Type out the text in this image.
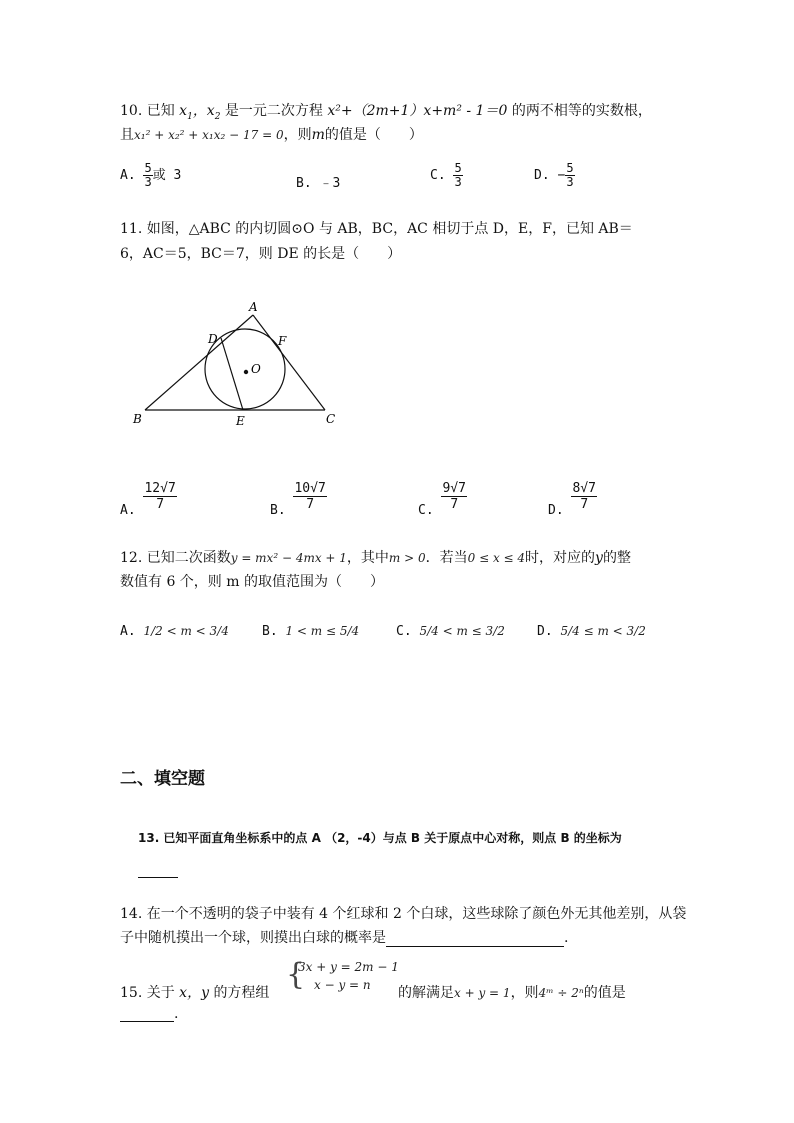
10. 已知 $x_1$，$x_2$ 是一元二次方程 x²+（2m+1）x+m² - 1＝0 的两不相等的实数根，
且x₁² + x₂² + x₁x₂ − 17 = 0，则m的值是（　　）
A. $\frac{5}{3}$ 或 3
B. ﹣3
C. $\frac{5}{3}$	D. − $\frac{5}{3}$
11. 如图，△ABC 的内切圆⊙O 与 AB，BC，AC 相切于点 D，E，F，已知 AB＝
6，AC＝5，BC＝7，则 DE 的长是（　　）
A
B	C
D
E
F
O
A. $\frac{12√7}{7}$	B. $\frac{10√7}{7}$	C. $\frac{9√7}{7}$	D. $\frac{8√7}{7}$
12. 已知二次函数y = mx² − 4mx + 1，其中m > 0．若当0 ≤ x ≤ 4时，对应的y的整
数值有 6 个，则 m 的取值范围为（　　）
A. 1/2 < m < 3/4	B. 1 < m ≤ 5/4	C. 5/4 < m ≤ 3/2 D. 5/4 ≤ m < 3/2
二、填空题
13. 已知平面直角坐标系中的点 A （2，-4）与点 B 关于原点中心对称，则点 B 的坐标为
14. 在一个不透明的袋子中装有 4 个红球和 2 个白球，这些球除了颜色外无其他差别，从袋
子中随机摸出一个球，则摸出白球的概率是	.
{
3x + y = 2m − 1
x − y = n
15. 关于 x，y 的方程组	的解满足x + y = 1，则4ᵐ ÷ 2ⁿ的值是
.
